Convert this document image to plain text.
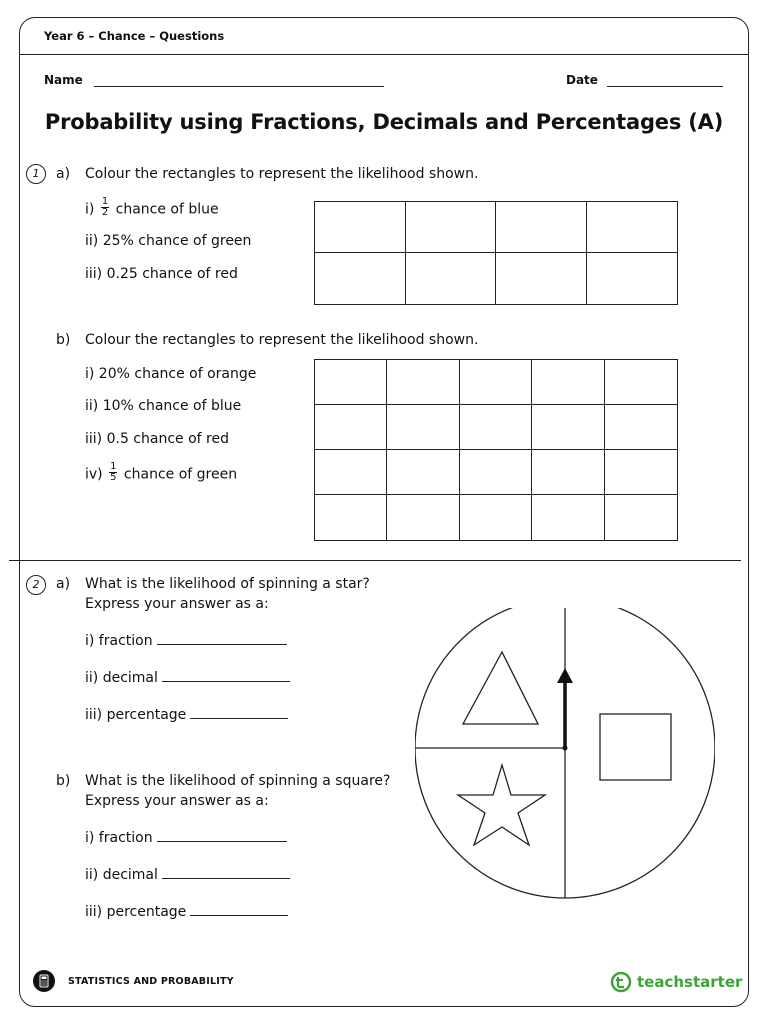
Year 6 – Chance – Questions
Name	Date
Probability using Fractions, Decimals and Percentages (A)
1	a) Colour the rectangles to represent the likelihood shown.
$i) \frac{1}{2}$ chance of blue
ii) 25% chance of green
iii) 0.25 chance of red
b) Colour the rectangles to represent the likelihood shown.
i) 20% chance of orange
ii) 10% chance of blue
iii) 0.5 chance of red
$iv) \frac{1}{5}$ chance of green
2	a) What is the likelihood of spinning a star?
Express your answer as a:
i) fraction
ii) decimal
iii) percentage
b) What is the likelihood of spinning a square?
Express your answer as a:
i) fraction
ii) decimal
iii) percentage
STATISTICS AND PROBABILITY	teachstarter
